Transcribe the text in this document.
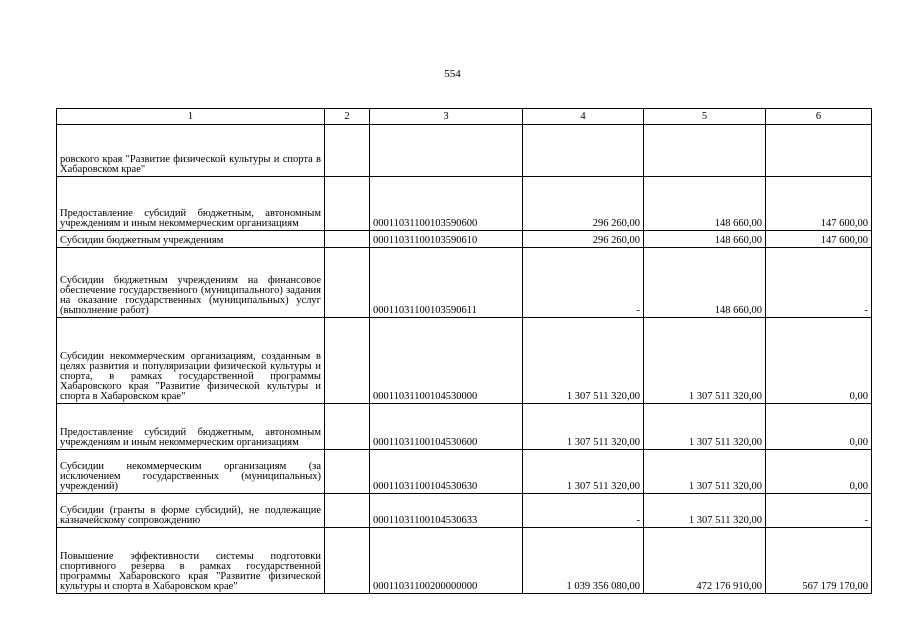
554
1	2	3	4	5	6
ровского края "Развитие физической культуры и спорта в Хабаровском крае"					
Предоставление субсидий бюджетным, автономным учреждениям и иным некоммерческим организациям		00011031100103590600	296 260,00	148 660,00	147 600,00
Субсидии бюджетным учреждениям		00011031100103590610	296 260,00	148 660,00	147 600,00
Субсидии бюджетным учреждениям на финансовое обеспечение государственного (муниципального) задания на оказание государственных (муниципальных) услуг (выполнение работ)		00011031100103590611	-	148 660,00	-
Субсидии некоммерческим организациям, созданным в целях развития и популяризации физической культуры и спорта, в рамках государственной программы Хабаровского края "Развитие физической культуры и спорта в Хабаровском крае"		00011031100104530000	1 307 511 320,00	1 307 511 320,00	0,00
Предоставление субсидий бюджетным, автономным учреждениям и иным некоммерческим организациям		00011031100104530600	1 307 511 320,00	1 307 511 320,00	0,00
Субсидии некоммерческим организациям (за исключением государственных (муниципальных) учреждений)		00011031100104530630	1 307 511 320,00	1 307 511 320,00	0,00
Субсидии (гранты в форме субсидий), не подлежащие казначейскому сопровождению		00011031100104530633	-	1 307 511 320,00	-
Повышение эффективности системы подготовки спортивного резерва в рамках государственной программы Хабаровского края "Развитие физической культуры и спорта в Хабаровском крае"		00011031100200000000	1 039 356 080,00	472 176 910,00	567 179 170,00
